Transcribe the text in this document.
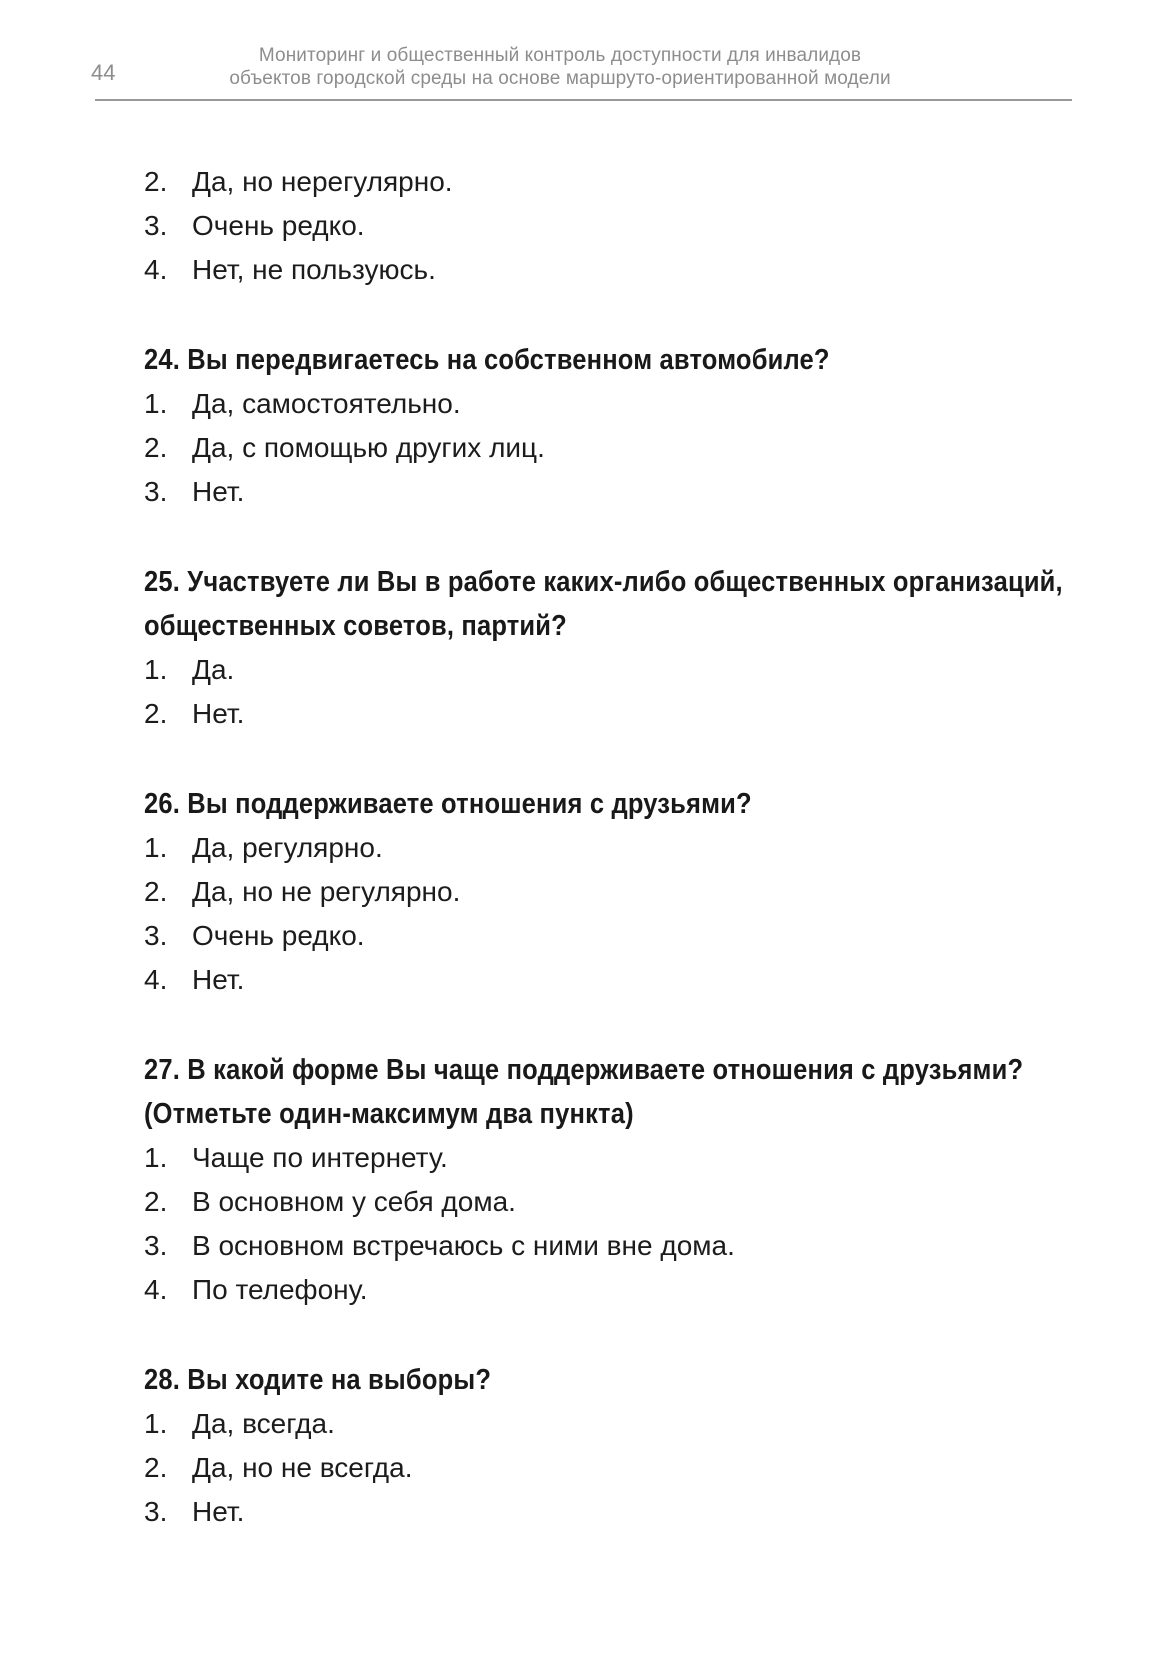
44
Мониторинг и общественный контроль доступности для инвалидов
объектов городской среды на основе маршруто-ориентированной модели
2. Да, но нерегулярно.
3. Очень редко.
4. Нет, не пользуюсь.
24. Вы передвигаетесь на собственном автомобиле?
1. Да, самостоятельно.
2. Да, с помощью других лиц.
3. Нет.
25. Участвуете ли Вы в работе каких-либо общественных организаций,
общественных советов, партий?
1. Да.
2. Нет.
26. Вы поддерживаете отношения с друзьями?
1. Да, регулярно.
2. Да, но не регулярно.
3. Очень редко.
4. Нет.
27. В какой форме Вы чаще поддерживаете отношения с друзьями?
(Отметьте один-максимум два пункта)
1. Чаще по интернету.
2. В основном у себя дома.
3. В основном встречаюсь с ними вне дома.
4. По телефону.
28. Вы ходите на выборы?
1. Да, всегда.
2. Да, но не всегда.
3. Нет.
